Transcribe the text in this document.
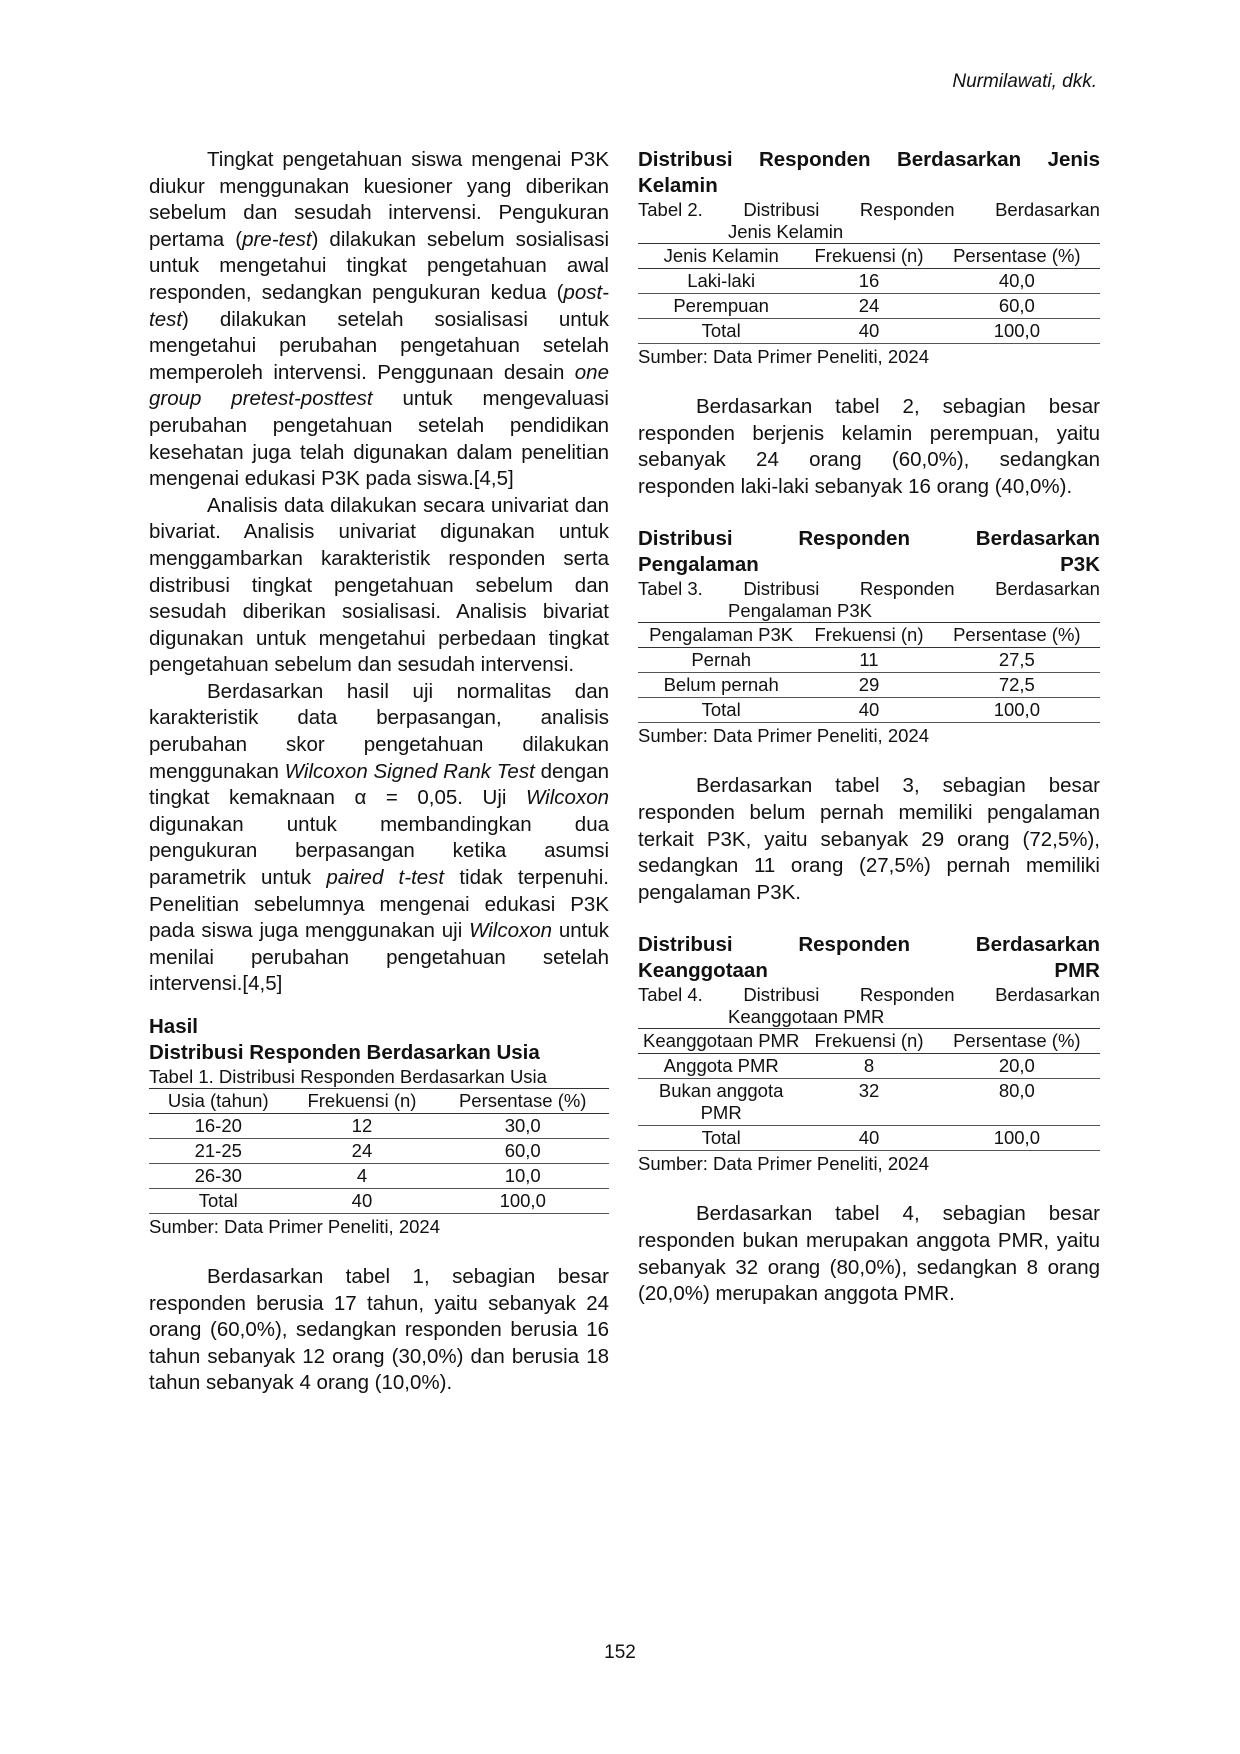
Nurmilawati, dkk.

Tingkat pengetahuan siswa mengenai P3K diukur menggunakan kuesioner yang diberikan sebelum dan sesudah intervensi. Pengukuran pertama (pre-test) dilakukan sebelum sosialisasi untuk mengetahui tingkat pengetahuan awal responden, sedangkan pengukuran kedua (post-test) dilakukan setelah sosialisasi untuk mengetahui perubahan pengetahuan setelah memperoleh intervensi. Penggunaan desain one group pretest-posttest untuk mengevaluasi perubahan pengetahuan setelah pendidikan kesehatan juga telah digunakan dalam penelitian mengenai edukasi P3K pada siswa.[4,5]

Analisis data dilakukan secara univariat dan bivariat. Analisis univariat digunakan untuk menggambarkan karakteristik responden serta distribusi tingkat pengetahuan sebelum dan sesudah diberikan sosialisasi. Analisis bivariat digunakan untuk mengetahui perbedaan tingkat pengetahuan sebelum dan sesudah intervensi.

Berdasarkan hasil uji normalitas dan karakteristik data berpasangan, analisis perubahan skor pengetahuan dilakukan menggunakan Wilcoxon Signed Rank Test dengan tingkat kemaknaan α = 0,05. Uji Wilcoxon digunakan untuk membandingkan dua pengukuran berpasangan ketika asumsi parametrik untuk paired t-test tidak terpenuhi. Penelitian sebelumnya mengenai edukasi P3K pada siswa juga menggunakan uji Wilcoxon untuk menilai perubahan pengetahuan setelah intervensi.[4,5]

Hasil
Distribusi Responden Berdasarkan Usia
Tabel 1. Distribusi Responden Berdasarkan Usia
Usia (tahun)	Frekuensi (n)	Persentase (%)
16-20	12	30,0
21-25	24	60,0
26-30	4	10,0
Total	40	100,0
Sumber: Data Primer Peneliti, 2024

Berdasarkan tabel 1, sebagian besar responden berusia 17 tahun, yaitu sebanyak 24 orang (60,0%), sedangkan responden berusia 16 tahun sebanyak 12 orang (30,0%) dan berusia 18 tahun sebanyak 4 orang (10,0%).

Distribusi Responden Berdasarkan Jenis Kelamin
Tabel 2. Distribusi Responden Berdasarkan
Jenis Kelamin
Jenis Kelamin	Frekuensi (n)	Persentase (%)
Laki-laki	16	40,0
Perempuan	24	60,0
Total	40	100,0
Sumber: Data Primer Peneliti, 2024

Berdasarkan tabel 2, sebagian besar responden berjenis kelamin perempuan, yaitu sebanyak 24 orang (60,0%), sedangkan responden laki-laki sebanyak 16 orang (40,0%).

Distribusi Responden Berdasarkan Pengalaman P3K
Tabel 3. Distribusi Responden Berdasarkan
Pengalaman P3K
Pengalaman P3K	Frekuensi (n)	Persentase (%)
Pernah	11	27,5
Belum pernah	29	72,5
Total	40	100,0
Sumber: Data Primer Peneliti, 2024

Berdasarkan tabel 3, sebagian besar responden belum pernah memiliki pengalaman terkait P3K, yaitu sebanyak 29 orang (72,5%), sedangkan 11 orang (27,5%) pernah memiliki pengalaman P3K.

Distribusi Responden Berdasarkan Keanggotaan PMR
Tabel 4. Distribusi Responden Berdasarkan
Keanggotaan PMR
Keanggotaan PMR	Frekuensi (n)	Persentase (%)
Anggota PMR	8	20,0
Bukan anggota PMR	32	80,0
Total	40	100,0
Sumber: Data Primer Peneliti, 2024

Berdasarkan tabel 4, sebagian besar responden bukan merupakan anggota PMR, yaitu sebanyak 32 orang (80,0%), sedangkan 8 orang (20,0%) merupakan anggota PMR.

152
